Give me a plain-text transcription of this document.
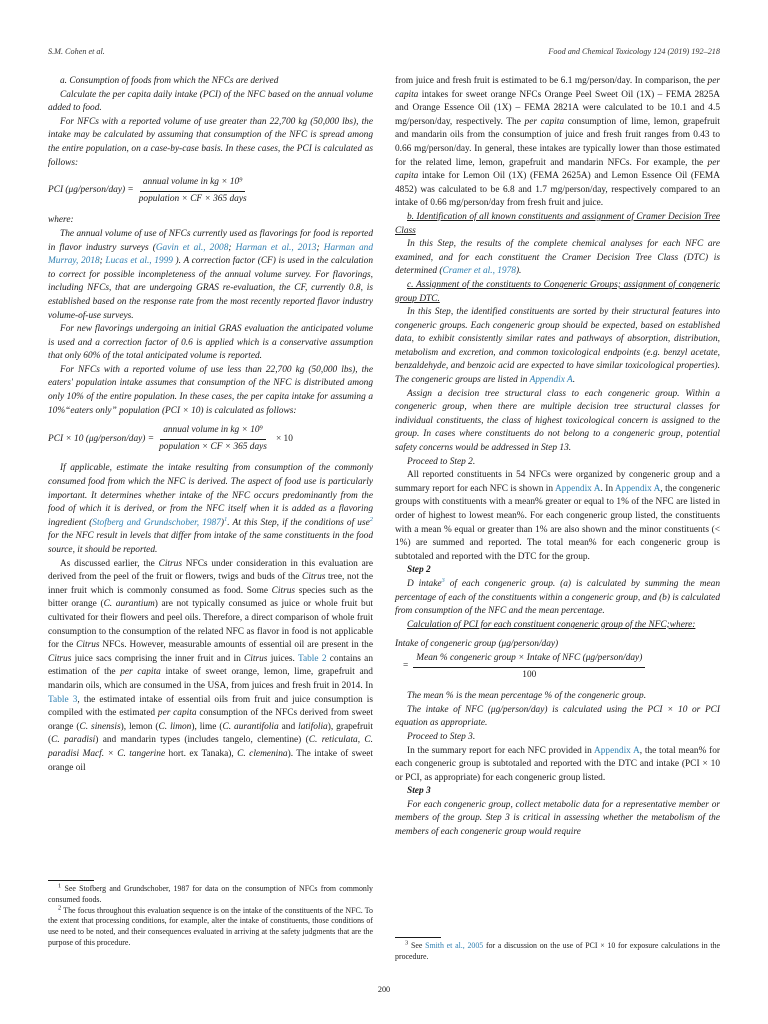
S.M. Cohen et al.	Food and Chemical Toxicology 124 (2019) 192–218

a. Consumption of foods from which the NFCs are derived

Calculate the per capita daily intake (PCI) of the NFC based on the annual volume added to food.

For NFCs with a reported volume of use greater than 22,700 kg (50,000 lbs), the intake may be calculated by assuming that consumption of the NFC is spread among the entire population, on a case-by-case basis. In these cases, the PCI is calculated as follows:

PCI (μg/person/day) = $\frac{\text{annual volume in kg × 10⁹}}{\text{population × CF × 365 days}}$

where:

The annual volume of use of NFCs currently used as flavorings for food is reported in flavor industry surveys (Gavin et al., 2008; Harman et al., 2013; Harman and Murray, 2018; Lucas et al., 1999 ). A correction factor (CF) is used in the calculation to correct for possible incompleteness of the annual volume survey. For flavorings, including NFCs, that are undergoing GRAS re-evaluation, the CF, currently 0.8, is established based on the response rate from the most recently reported flavor industry volume-of-use surveys.

For new flavorings undergoing an initial GRAS evaluation the anticipated volume is used and a correction factor of 0.6 is applied which is a conservative assumption that only 60% of the total anticipated volume is reported.

For NFCs with a reported volume of use less than 22,700 kg (50,000 lbs), the eaters' population intake assumes that consumption of the NFC is distributed among only 10% of the entire population. In these cases, the per capita intake for assuming a 10%“eaters only” population (PCI × 10) is calculated as follows:

PCI × 10 (μg/person/day) = $\frac{\text{annual volume in kg × 10⁹}}{\text{population × CF × 365 days}} \times 10$

If applicable, estimate the intake resulting from consumption of the commonly consumed food from which the NFC is derived. The aspect of food use is particularly important. It determines whether intake of the NFC occurs predominantly from the food of which it is derived, or from the NFC itself when it is added as a flavoring ingredient (Stofberg and Grundschober, 1987)$^1$. At this Step, if the conditions of use$^2$ for the NFC result in levels that differ from intake of the same constituents in the food source, it should be reported.

As discussed earlier, the Citrus NFCs under consideration in this evaluation are derived from the peel of the fruit or flowers, twigs and buds of the Citrus tree, not the inner fruit which is commonly consumed as food. Some Citrus species such as the bitter orange (C. aurantium) are not typically consumed as juice or whole fruit but cultivated for their flowers and peel oils. Therefore, a direct comparison of whole fruit consumption to the consumption of the related NFC as flavor in food is not applicable for the Citrus NFCs. However, measurable amounts of essential oil are present in the Citrus juice sacs comprising the inner fruit and in Citrus juices. Table 2 contains an estimation of the per capita intake of sweet orange, lemon, lime, grapefruit and mandarin oils, which are consumed in the USA, from juices and fresh fruit in 2014. In Table 3, the estimated intake of essential oils from fruit and juice consumption is compiled with the estimated per capita consumption of the NFCs derived from sweet orange (C. sinensis), lemon (C. limon), lime (C. aurantifolia and latifolia), grapefruit (C. paradisi) and mandarin types (includes tangelo, clementine) (C. reticulata, C. paradisi Macf. × C. tangerine hort. ex Tanaka), C. clemenina). The intake of sweet orange oil

$^1$ See Stofberg and Grundschober, 1987 for data on the consumption of NFCs from commonly consumed foods.

$^2$ The focus throughout this evaluation sequence is on the intake of the constituents of the NFC. To the extent that processing conditions, for example, alter the intake of constituents, those conditions of use need to be noted, and their consequences evaluated in arriving at the safety judgments that are the purpose of this procedure.

from juice and fresh fruit is estimated to be 6.1 mg/person/day. In comparison, the per capita intakes for sweet orange NFCs Orange Peel Sweet Oil (1X) – FEMA 2825A and Orange Essence Oil (1X) – FEMA 2821A were calculated to be 10.1 and 4.5 mg/person/day, respectively. The per capita consumption of lime, lemon, grapefruit and mandarin oils from the consumption of juice and fresh fruit ranges from 0.43 to 0.66 mg/person/day. In general, these intakes are typically lower than those estimated for the related lime, lemon, grapefruit and mandarin NFCs. For example, the per capita intake for Lemon Oil (1X) (FEMA 2625A) and Lemon Essence Oil (FEMA 4852) was calculated to be 6.8 and 1.7 mg/person/day, respectively compared to an intake of 0.66 mg/person/day from fresh fruit and juice.

b. Identification of all known constituents and assignment of Cramer Decision Tree Class

In this Step, the results of the complete chemical analyses for each NFC are examined, and for each constituent the Cramer Decision Tree Class (DTC) is determined (Cramer et al., 1978).

c. Assignment of the constituents to Congeneric Groups; assignment of congeneric group DTC.

In this Step, the identified constituents are sorted by their structural features into congeneric groups. Each congeneric group should be expected, based on established data, to exhibit consistently similar rates and pathways of absorption, distribution, metabolism and excretion, and common toxicological endpoints (e.g. benzyl acetate, benzaldehyde, and benzoic acid are expected to have similar toxicological properties). The congeneric groups are listed in Appendix A.

Assign a decision tree structural class to each congeneric group. Within a congeneric group, when there are multiple decision tree structural classes for individual constituents, the class of highest toxicological concern is assigned to the group. In cases where constituents do not belong to a congeneric group, potential safety concerns would be addressed in Step 13.

Proceed to Step 2.

All reported constituents in 54 NFCs were organized by congeneric group and a summary report for each NFC is shown in Appendix A. In Appendix A, the congeneric groups with constituents with a mean% greater or equal to 1% of the NFC are listed in order of highest to lowest mean%. For each congeneric group listed, the constituents with a mean % equal or greater than 1% are also shown and the minor constituents (< 1%) are summed and reported. The total mean% for each congeneric group is subtotaled and reported with the DTC for the group.

Step 2

D intake$^3$ of each congeneric group. (a) is calculated by summing the mean percentage of each of the constituents within a congeneric group, and (b) is calculated from consumption of the NFC and the mean percentage.

Calculation of PCI for each constituent congeneric group of the NFC;where:

Intake of congeneric group (μg/person/day)
= $\frac{\text{Mean \% congeneric group × Intake of NFC (μg/person/day)}}{100}$

The mean % is the mean percentage % of the congeneric group.

The intake of NFC (μg/person/day) is calculated using the PCI × 10 or PCI equation as appropriate.

Proceed to Step 3.

In the summary report for each NFC provided in Appendix A, the total mean% for each congeneric group is subtotaled and reported with the DTC and intake (PCI × 10 or PCI, as appropriate) for each congeneric group listed.

Step 3

For each congeneric group, collect metabolic data for a representative member or members of the group. Step 3 is critical in assessing whether the metabolism of the members of each congeneric group would require

$^3$ See Smith et al., 2005 for a discussion on the use of PCI × 10 for exposure calculations in the procedure.

200
